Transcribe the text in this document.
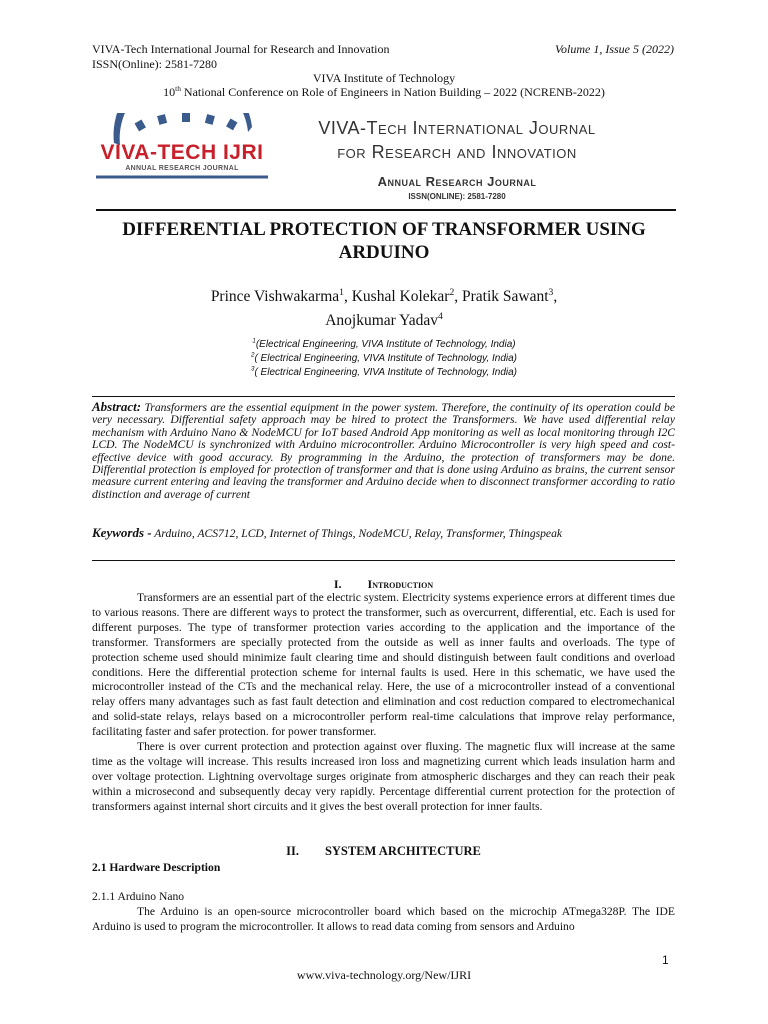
VIVA-Tech International Journal for Research and Innovation	Volume 1, Issue 5 (2022)
ISSN(Online): 2581-7280
VIVA Institute of Technology
10th National Conference on Role of Engineers in Nation Building – 2022 (NCRENB-2022)
VIVA-TECH IJRI
ANNUAL RESEARCH JOURNAL
VIVA-Tech International Journal
for Research and Innovation
Annual Research Journal
ISSN(ONLINE): 2581-7280
DIFFERENTIAL PROTECTION OF TRANSFORMER USING
ARDUINO
Prince Vishwakarma$^1$, Kushal Kolekar$^2$, Pratik Sawant$^3$,
Anojkumar Yadav$^4$
$^1$(Electrical Engineering, VIVA Institute of Technology, India)
$^2$( Electrical Engineering, VIVA Institute of Technology, India)
$^3$( Electrical Engineering, VIVA Institute of Technology, India)
Abstract: Transformers are the essential equipment in the power system. Therefore, the continuity of its operation could be very necessary. Differential safety approach may be hired to protect the Transformers. We have used differential relay mechanism with Arduino Nano & NodeMCU for IoT based Android App monitoring as well as local monitoring through I2C LCD. The NodeMCU is synchronized with Arduino microcontroller. Arduino Microcontroller is very high speed and cost-effective device with good accuracy. By programming in the Arduino, the protection of transformers may be done. Differential protection is employed for protection of transformer and that is done using Arduino as brains, the current sensor measure current entering and leaving the transformer and Arduino decide when to disconnect transformer according to ratio distinction and average of current
Keywords - Arduino, ACS712, LCD, Internet of Things, NodeMCU, Relay, Transformer, Thingspeak
I. Introduction

Transformers are an essential part of the electric system. Electricity systems experience errors at different times due to various reasons. There are different ways to protect the transformer, such as overcurrent, differential, etc. Each is used for different purposes. The type of transformer protection varies according to the application and the importance of the transformer. Transformers are specially protected from the outside as well as inner faults and overloads. The type of protection scheme used should minimize fault clearing time and should distinguish between fault conditions and overload conditions. Here the differential protection scheme for internal faults is used. Here in this schematic, we have used the microcontroller instead of the CTs and the mechanical relay. Here, the use of a microcontroller instead of a conventional relay offers many advantages such as fast fault detection and elimination and cost reduction compared to electromechanical and solid-state relays, relays based on a microcontroller perform real-time calculations that improve relay performance, facilitating faster and safer protection. for power transformer.

There is over current protection and protection against over fluxing. The magnetic flux will increase at the same time as the voltage will increase. This results increased iron loss and magnetizing current which leads insulation harm and over voltage protection. Lightning overvoltage surges originate from atmospheric discharges and they can reach their peak within a microsecond and subsequently decay very rapidly. Percentage differential current protection for the protection of transformers against internal short circuits and it gives the best overall protection for inner faults.

II. SYSTEM ARCHITECTURE
2.1 Hardware Description
2.1.1 Arduino Nano

The Arduino is an open-source microcontroller board which based on the microchip ATmega328P. The IDE Arduino is used to program the microcontroller. It allows to read data coming from sensors and Arduino

1
www.viva-technology.org/New/IJRI
